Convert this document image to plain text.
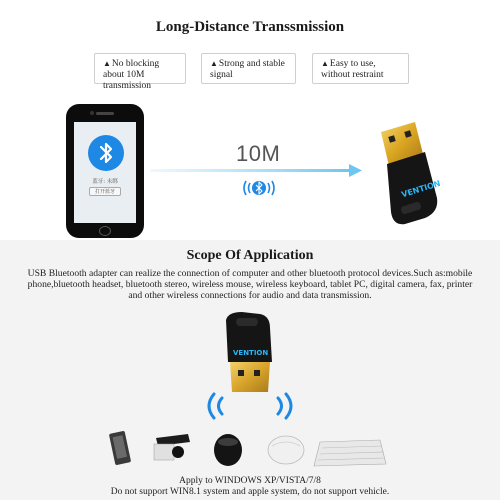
Long-Distance Transsmission
▲No blocking about 10M transmission
▲Strong and stable signal
▲Easy to use, without restraint
蓝牙: 未绑
打开蓝牙
10M
VENTION
Scope Of Application
USB Bluetooth adapter can realize the connection of computer and other bluetooth protocol devices.Such as:mobile phone,bluetooth headset, bluetooth stereo, wireless mouse, wireless keyboard, tablet PC, digital camera, fax, printer and other wireless connections for audio and data transmission.
VENTION
Apply to WINDOWS XP/VISTA/7/8
Do not support WIN8.1 system and apple system, do not support vehicle.
